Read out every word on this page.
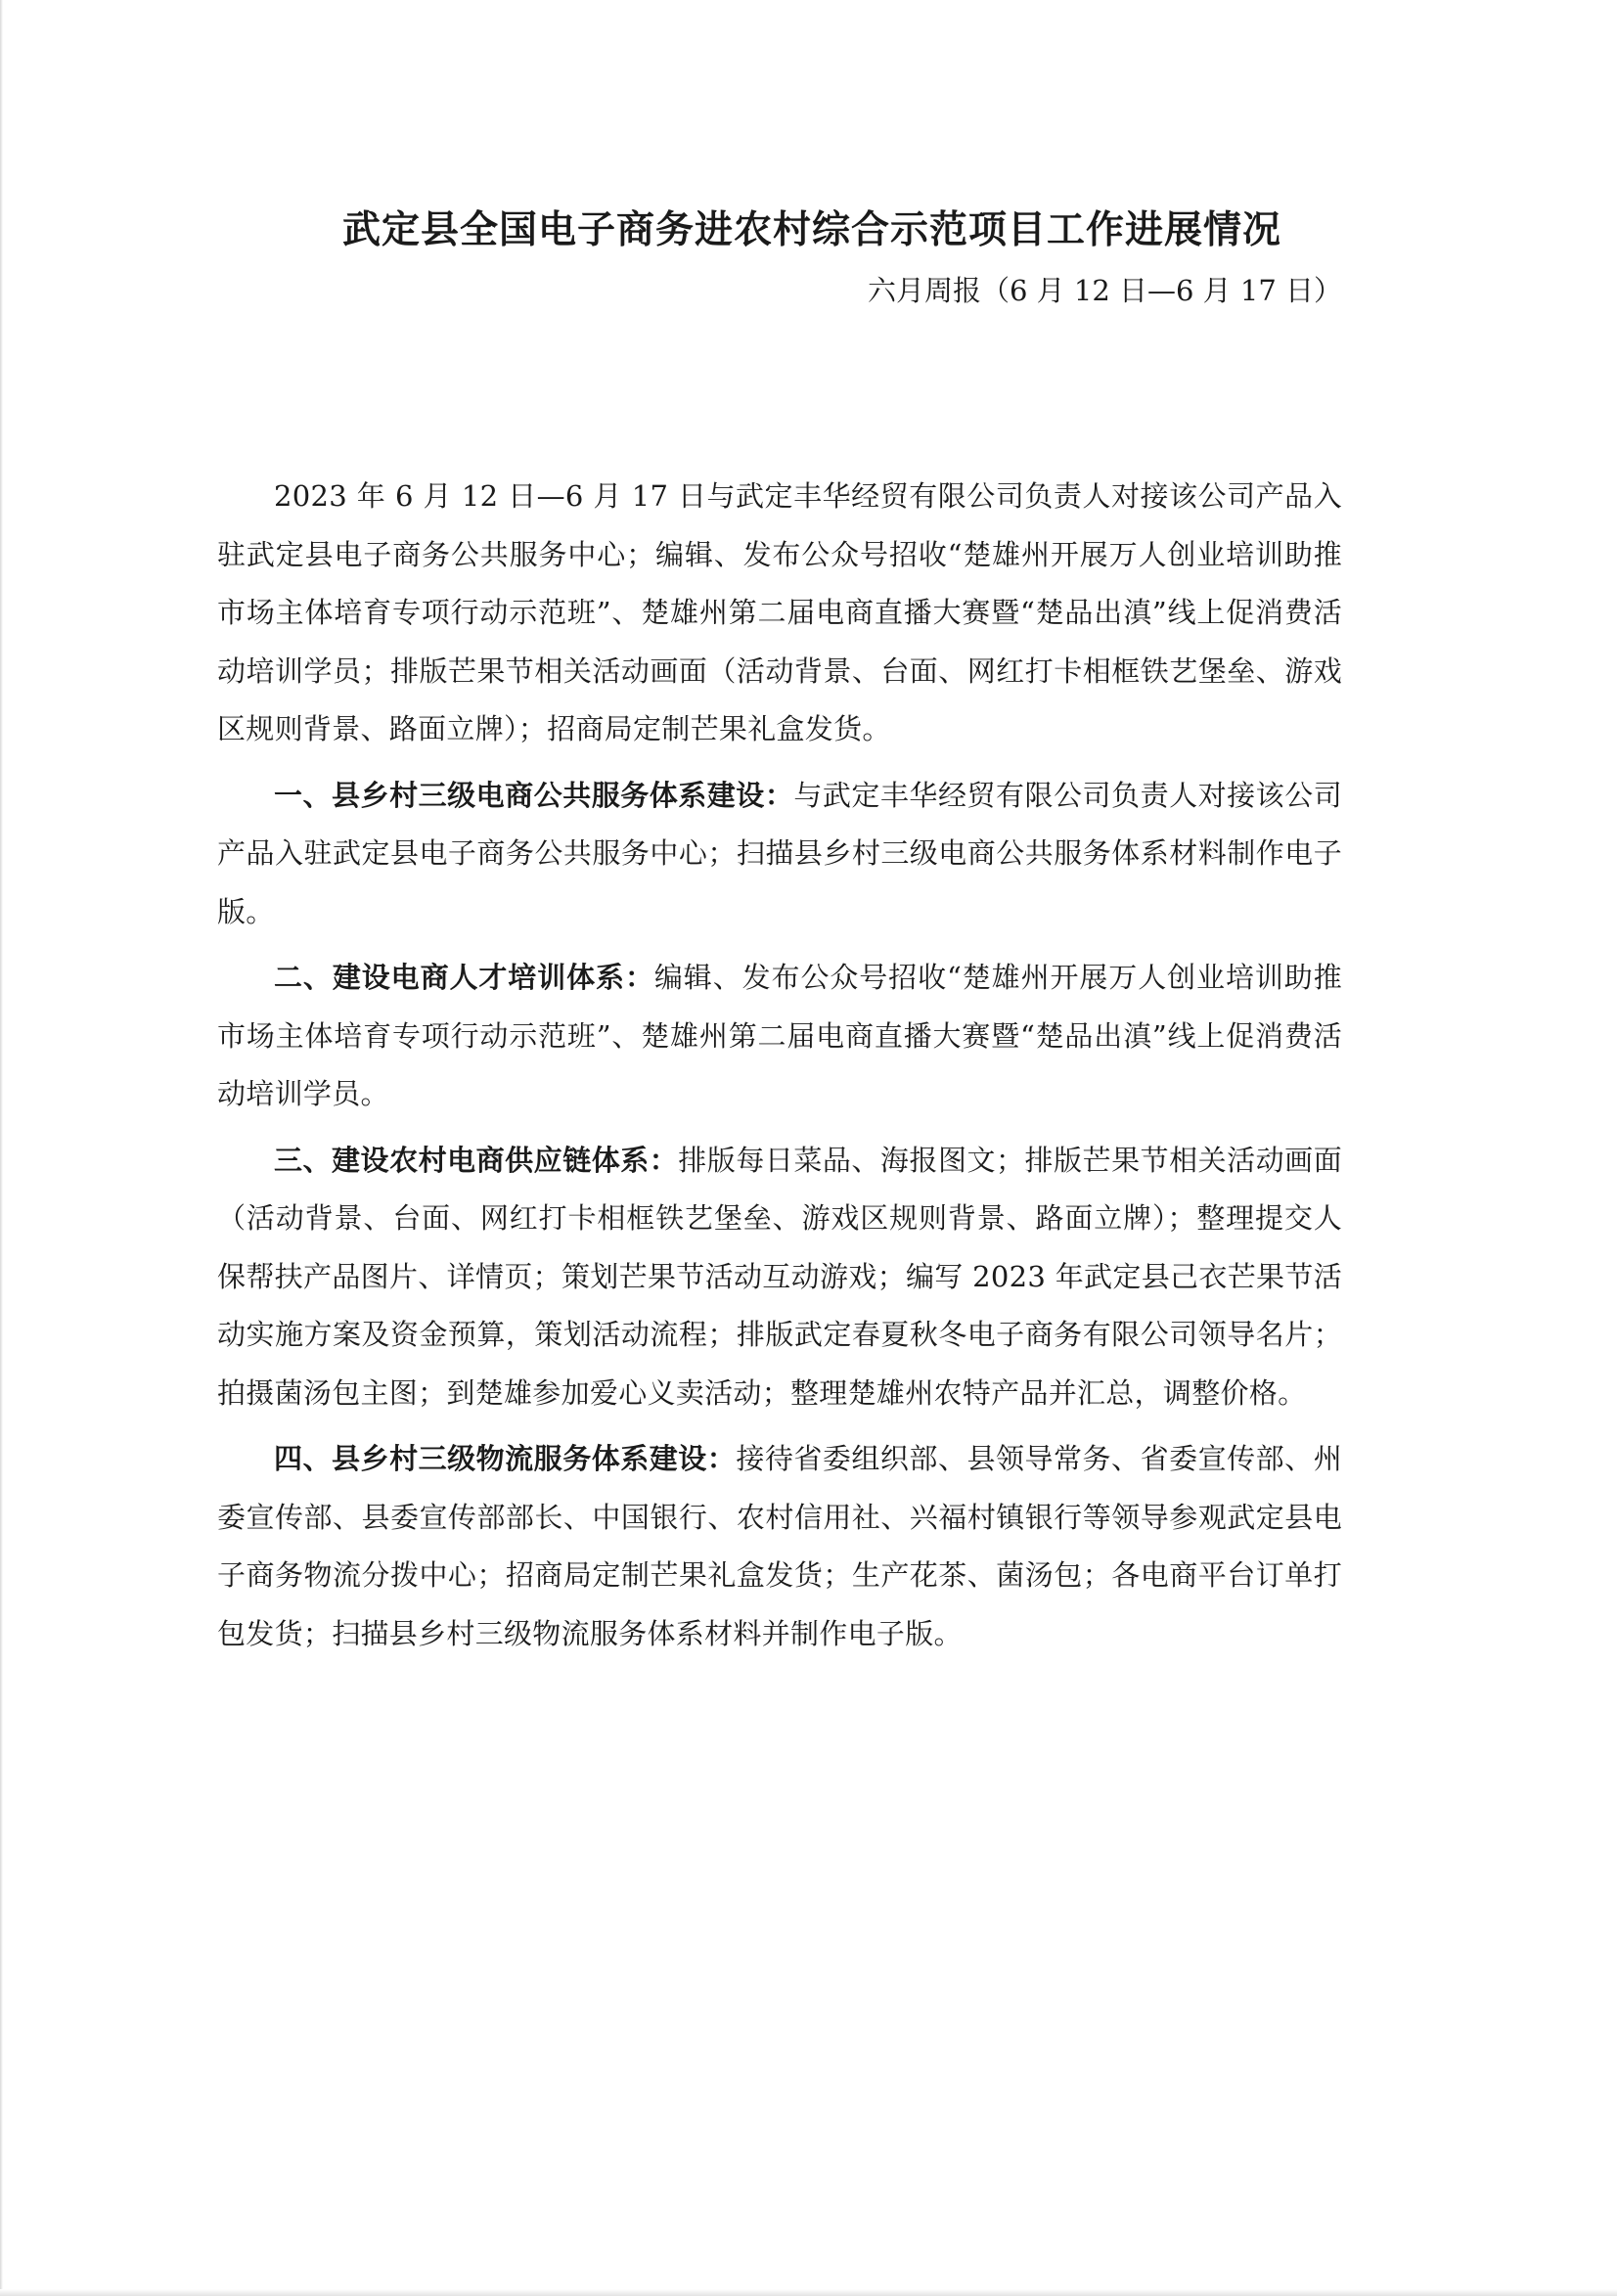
武定县全国电子商务进农村综合示范项目工作进展情况

六月周报（6 月 12 日—6 月 17 日）

2023 年 6 月 12 日—6 月 17 日与武定丰华经贸有限公司负责人对接该公司产品入驻武定县电子商务公共服务中心；编辑、发布公众号招收“楚雄州开展万人创业培训助推市场主体培育专项行动示范班”、楚雄州第二届电商直播大赛暨“楚品出滇”线上促消费活动培训学员；排版芒果节相关活动画面（活动背景、台面、网红打卡相框铁艺堡垒、游戏区规则背景、路面立牌）；招商局定制芒果礼盒发货。

一、县乡村三级电商公共服务体系建设：与武定丰华经贸有限公司负责人对接该公司产品入驻武定县电子商务公共服务中心；扫描县乡村三级电商公共服务体系材料制作电子版。

二、建设电商人才培训体系：编辑、发布公众号招收“楚雄州开展万人创业培训助推市场主体培育专项行动示范班”、楚雄州第二届电商直播大赛暨“楚品出滇”线上促消费活动培训学员。

三、建设农村电商供应链体系：排版每日菜品、海报图文；排版芒果节相关活动画面（活动背景、台面、网红打卡相框铁艺堡垒、游戏区规则背景、路面立牌）；整理提交人保帮扶产品图片、详情页；策划芒果节活动互动游戏；编写 2023 年武定县己衣芒果节活动实施方案及资金预算，策划活动流程；排版武定春夏秋冬电子商务有限公司领导名片；拍摄菌汤包主图；到楚雄参加爱心义卖活动；整理楚雄州农特产品并汇总，调整价格。

四、县乡村三级物流服务体系建设：接待省委组织部、县领导常务、省委宣传部、州委宣传部、县委宣传部部长、中国银行、农村信用社、兴福村镇银行等领导参观武定县电子商务物流分拨中心；招商局定制芒果礼盒发货；生产花茶、菌汤包；各电商平台订单打包发货；扫描县乡村三级物流服务体系材料并制作电子版。
